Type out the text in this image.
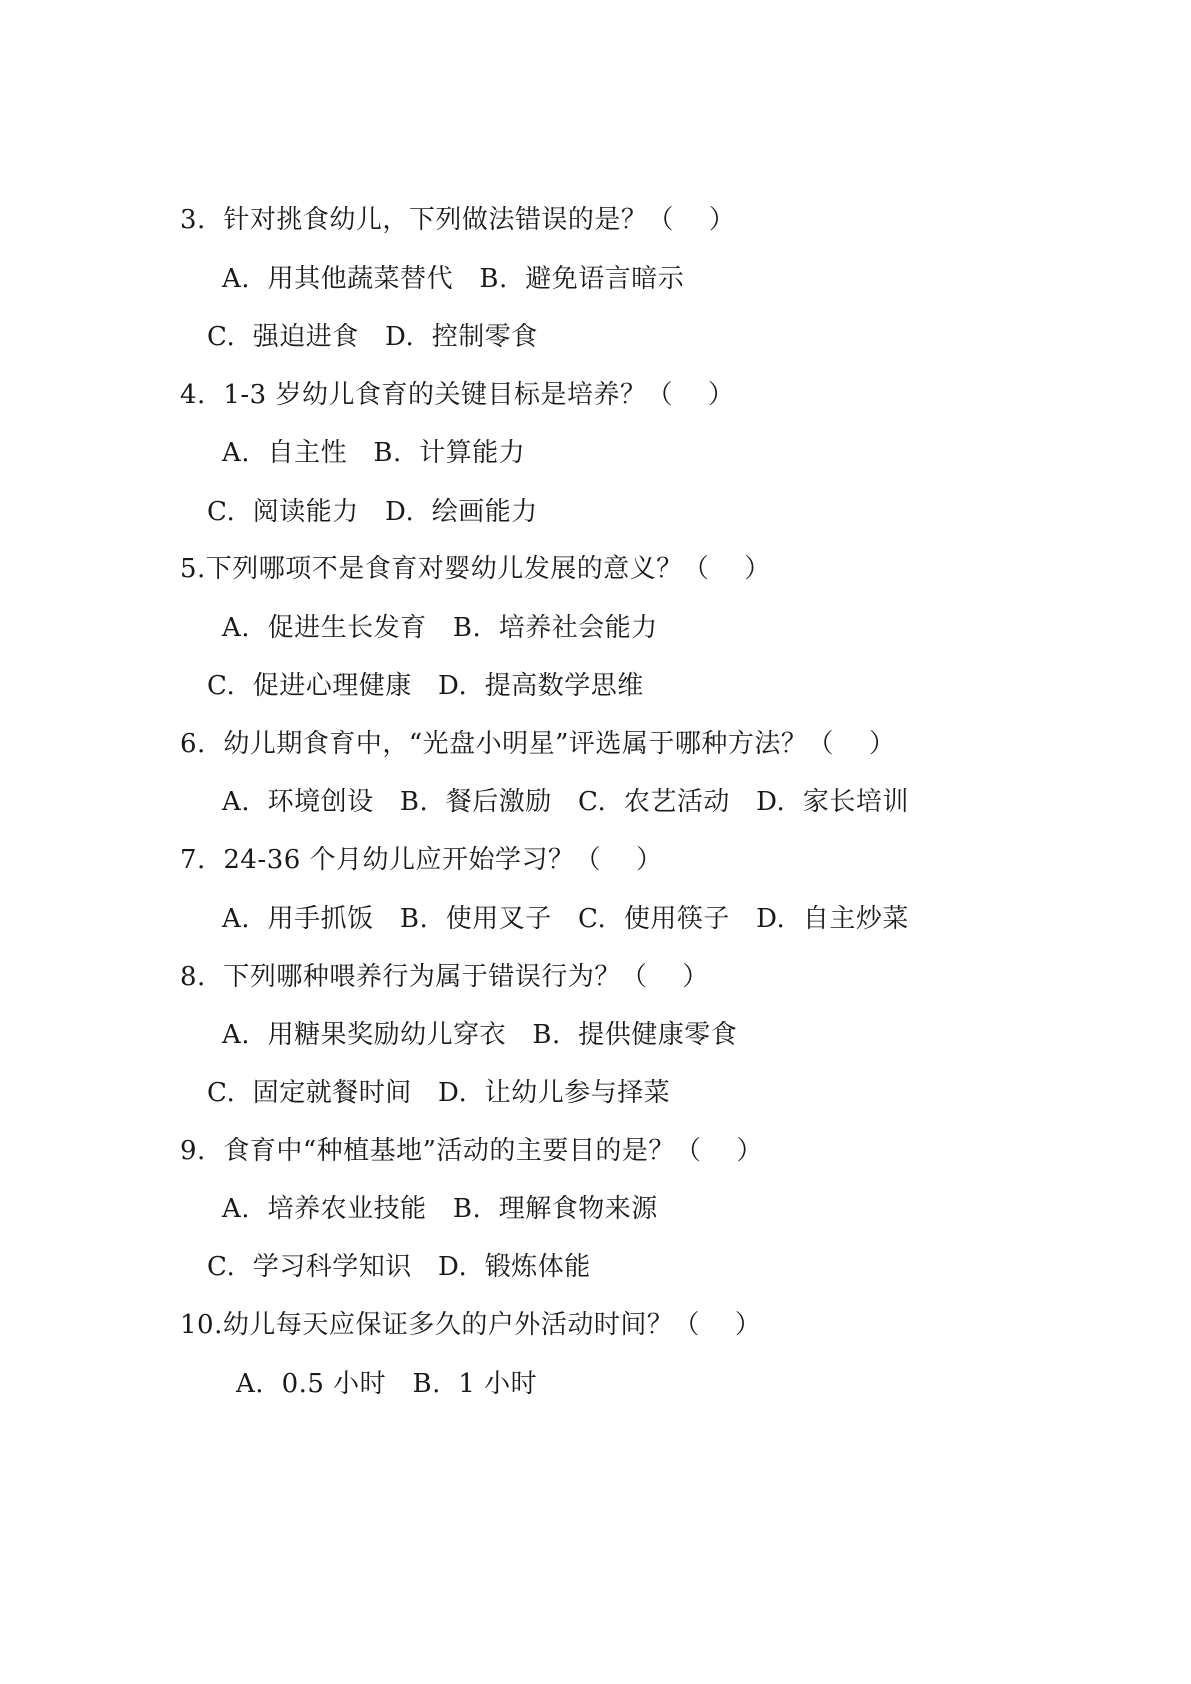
3.  针对挑食幼儿，下列做法错误的是？（    ）
A.  用其他蔬菜替代   B.  避免语言暗示
C.  强迫进食   D.  控制零食
4.  1-3 岁幼儿食育的关键目标是培养？（    ）
A.  自主性   B.  计算能力
C.  阅读能力   D.  绘画能力
5.下列哪项不是食育对婴幼儿发展的意义？（    ）
A.  促进生长发育   B.  培养社会能力
C.  促进心理健康   D.  提高数学思维
6.  幼儿期食育中，“光盘小明星”评选属于哪种方法？（    ）
A.  环境创设   B.  餐后激励   C.  农艺活动   D.  家长培训
7.  24-36 个月幼儿应开始学习？（    ）
A.  用手抓饭   B.  使用叉子   C.  使用筷子   D.  自主炒菜
8.  下列哪种喂养行为属于错误行为？（    ）
A.  用糖果奖励幼儿穿衣   B.  提供健康零食
C.  固定就餐时间   D.  让幼儿参与择菜
9.  食育中“种植基地”活动的主要目的是？（    ）
A.  培养农业技能   B.  理解食物来源
C.  学习科学知识   D.  锻炼体能
10.幼儿每天应保证多久的户外活动时间？（    ）
A.  0.5 小时   B.  1 小时
